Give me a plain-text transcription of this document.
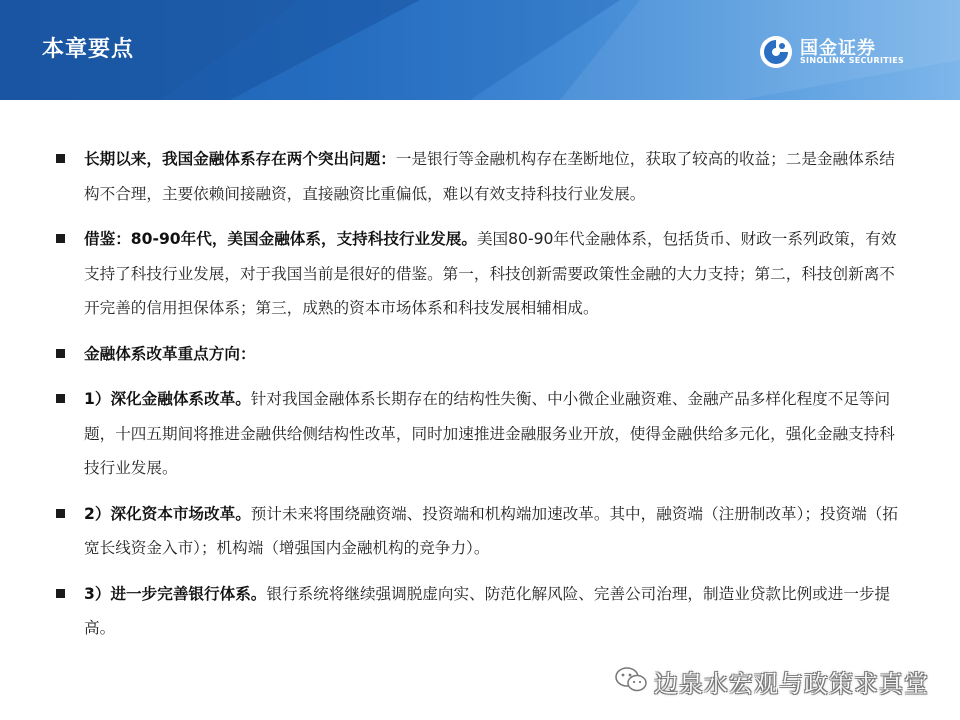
本章要点	国金证券
SINOLINK SECURITIES
长期以来，我国金融体系存在两个突出问题：一是银行等金融机构存在垄断地位，获取了较高的收益；二是金融体系结构不合理，主要依赖间接融资，直接融资比重偏低，难以有效支持科技行业发展。
借鉴：80-90年代，美国金融体系，支持科技行业发展。美国80-90年代金融体系，包括货币、财政一系列政策，有效支持了科技行业发展，对于我国当前是很好的借鉴。第一，科技创新需要政策性金融的大力支持；第二，科技创新离不开完善的信用担保体系；第三，成熟的资本市场体系和科技发展相辅相成。
金融体系改革重点方向：
1）深化金融体系改革。针对我国金融体系长期存在的结构性失衡、中小微企业融资难、金融产品多样化程度不足等问题，十四五期间将推进金融供给侧结构性改革，同时加速推进金融服务业开放，使得金融供给多元化，强化金融支持科技行业发展。
2）深化资本市场改革。预计未来将围绕融资端、投资端和机构端加速改革。其中，融资端（注册制改革）；投资端（拓宽长线资金入市）；机构端（增强国内金融机构的竞争力）。
3）进一步完善银行体系。银行系统将继续强调脱虚向实、防范化解风险、完善公司治理，制造业贷款比例或进一步提高。
边泉水宏观与政策求真堂
